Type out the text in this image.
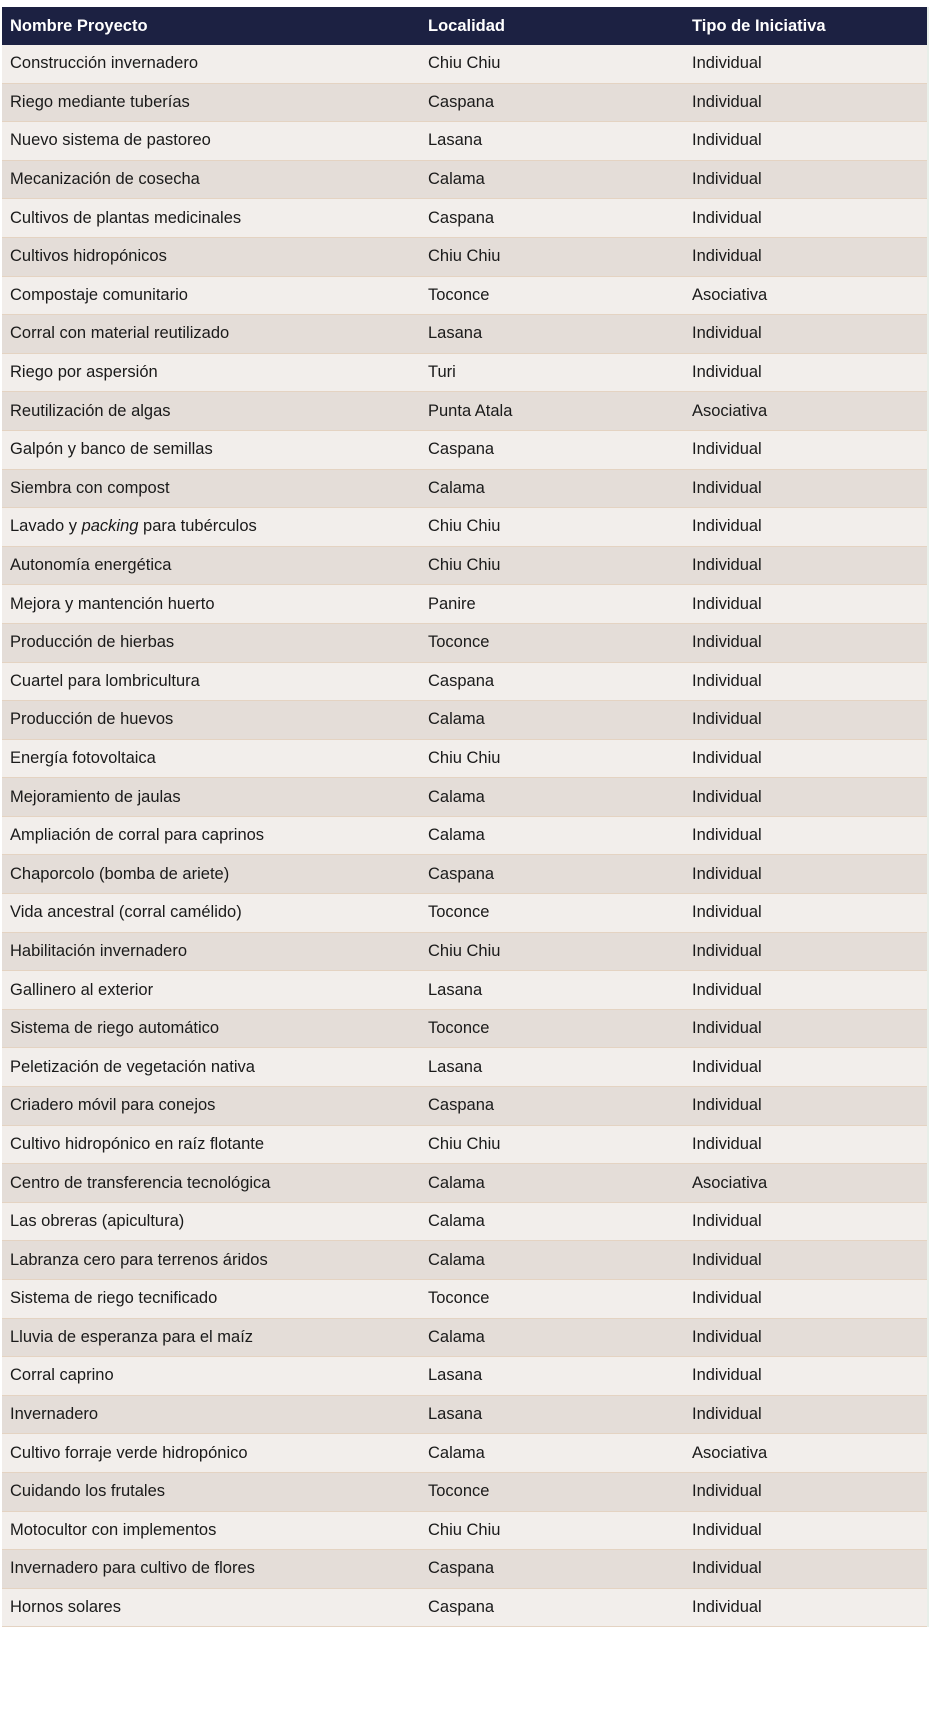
Nombre Proyecto	Localidad	Tipo de Iniciativa
Construcción invernadero	Chiu Chiu	Individual
Riego mediante tuberías	Caspana	Individual
Nuevo sistema de pastoreo	Lasana	Individual
Mecanización de cosecha	Calama	Individual
Cultivos de plantas medicinales	Caspana	Individual
Cultivos hidropónicos	Chiu Chiu	Individual
Compostaje comunitario	Toconce	Asociativa
Corral con material reutilizado	Lasana	Individual
Riego por aspersión	Turi	Individual
Reutilización de algas	Punta Atala	Asociativa
Galpón y banco de semillas	Caspana	Individual
Siembra con compost	Calama	Individual
Lavado y packing para tubérculos	Chiu Chiu	Individual
Autonomía energética	Chiu Chiu	Individual
Mejora y mantención huerto	Panire	Individual
Producción de hierbas	Toconce	Individual
Cuartel para lombricultura	Caspana	Individual
Producción de huevos	Calama	Individual
Energía fotovoltaica	Chiu Chiu	Individual
Mejoramiento de jaulas	Calama	Individual
Ampliación de corral para caprinos	Calama	Individual
Chaporcolo (bomba de ariete)	Caspana	Individual
Vida ancestral (corral camélido)	Toconce	Individual
Habilitación invernadero	Chiu Chiu	Individual
Gallinero al exterior	Lasana	Individual
Sistema de riego automático	Toconce	Individual
Peletización de vegetación nativa	Lasana	Individual
Criadero móvil para conejos	Caspana	Individual
Cultivo hidropónico en raíz flotante	Chiu Chiu	Individual
Centro de transferencia tecnológica	Calama	Asociativa
Las obreras (apicultura)	Calama	Individual
Labranza cero para terrenos áridos	Calama	Individual
Sistema de riego tecnificado	Toconce	Individual
Lluvia de esperanza para el maíz	Calama	Individual
Corral caprino	Lasana	Individual
Invernadero	Lasana	Individual
Cultivo forraje verde hidropónico	Calama	Asociativa
Cuidando los frutales	Toconce	Individual
Motocultor con implementos	Chiu Chiu	Individual
Invernadero para cultivo de flores	Caspana	Individual
Hornos solares	Caspana	Individual
